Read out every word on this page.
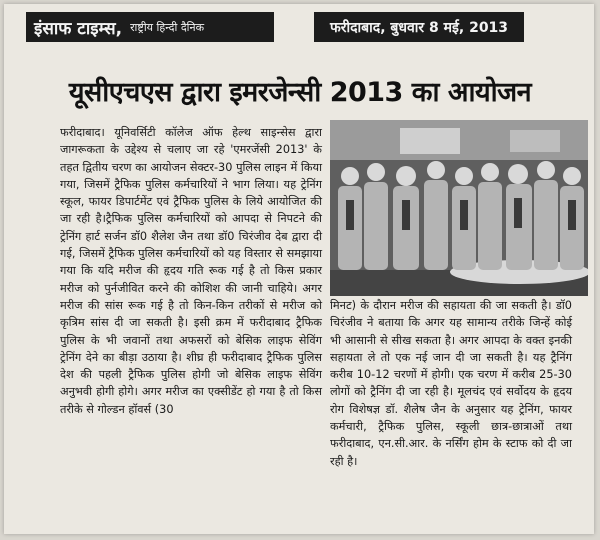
इंसाफ टाइम्स, राष्ट्रीय हिन्दी दैनिक	फरीदाबाद, बुधवार 8 मई, 2013
यूसीएचएस द्वारा इमरजेन्सी 2013 का आयोजन

फरीदाबाद। यूनिवर्सिटी कॉलेज ऑफ हेल्थ साइन्सेस द्वारा जागरूकता के उद्देश्य से चलाए जा रहे 'एमरजेंसी 2013' के तहत द्वितीय चरण का आयोजन सेक्टर-30 पुलिस लाइन में किया गया, जिसमें ट्रैफिक पुलिस कर्मचारियों ने भाग लिया। यह ट्रेनिंग स्कूल, फायर डिपार्टमेंट एवं ट्रैफिक पुलिस के लिये आयोजित की जा रही है।ट्रैफिक पुलिस कर्मचारियों को आपदा से निपटने की ट्रेनिंग हार्ट सर्जन डॉ0 शैलेश जैन तथा डॉ0 चिरंजीव देब द्वारा दी गई, जिसमें ट्रैफिक पुलिस कर्मचारियों को यह विस्तार से समझाया गया कि यदि मरीज की हृदय गति रूक गई है तो किस प्रकार मरीज को पुर्नजीवित करने की कोशिश की जानी चाहिये। अगर मरीज की सांस रूक गई है तो किन-किन तरीकों से मरीज को कृत्रिम सांस दी जा सकती है। इसी क्रम में फरीदाबाद ट्रैफिक पुलिस के भी जवानों तथा अफसरों को बेसिक लाइफ सेविंग ट्रेनिंग देने का बीड़ा उठाया है। शीघ्र ही फरीदाबाद ट्रैफिक पुलिस देश की पहली ट्रैफिक पुलिस होगी जो बेसिक लाइफ सेविंग अनुभवी होगी होगे। अगर मरीज का एक्सीडेंट हो गया है तो किस तरीके से गोल्डन हॉवर्स (30

मिनट) के दौरान मरीज की सहायता की जा सकती है। डॉ0 चिरंजीव ने बताया कि अगर यह सामान्य तरीके जिन्हें कोई भी आसानी से सीख सकता है। अगर आपदा के वक्त इनकी सहायता ले तो एक नई जान दी जा सकती है। यह ट्रैनिंग करीब 10-12 चरणों में होगी। एक चरण में करीब 25-30 लोगों को ट्रैनिंग दी जा रही है। मूलचंद एवं सर्वोदय के हृदय रोग विशेषज्ञ डॉ. शैलेष जैन के अनुसार यह ट्रेनिंग, फायर कर्मचारी, ट्रैफिक पुलिस, स्कूली छात्र-छात्राओं तथा फरीदाबाद, एन.सी.आर. के नर्सिंग होम के स्टाफ को दी जा रही है।
